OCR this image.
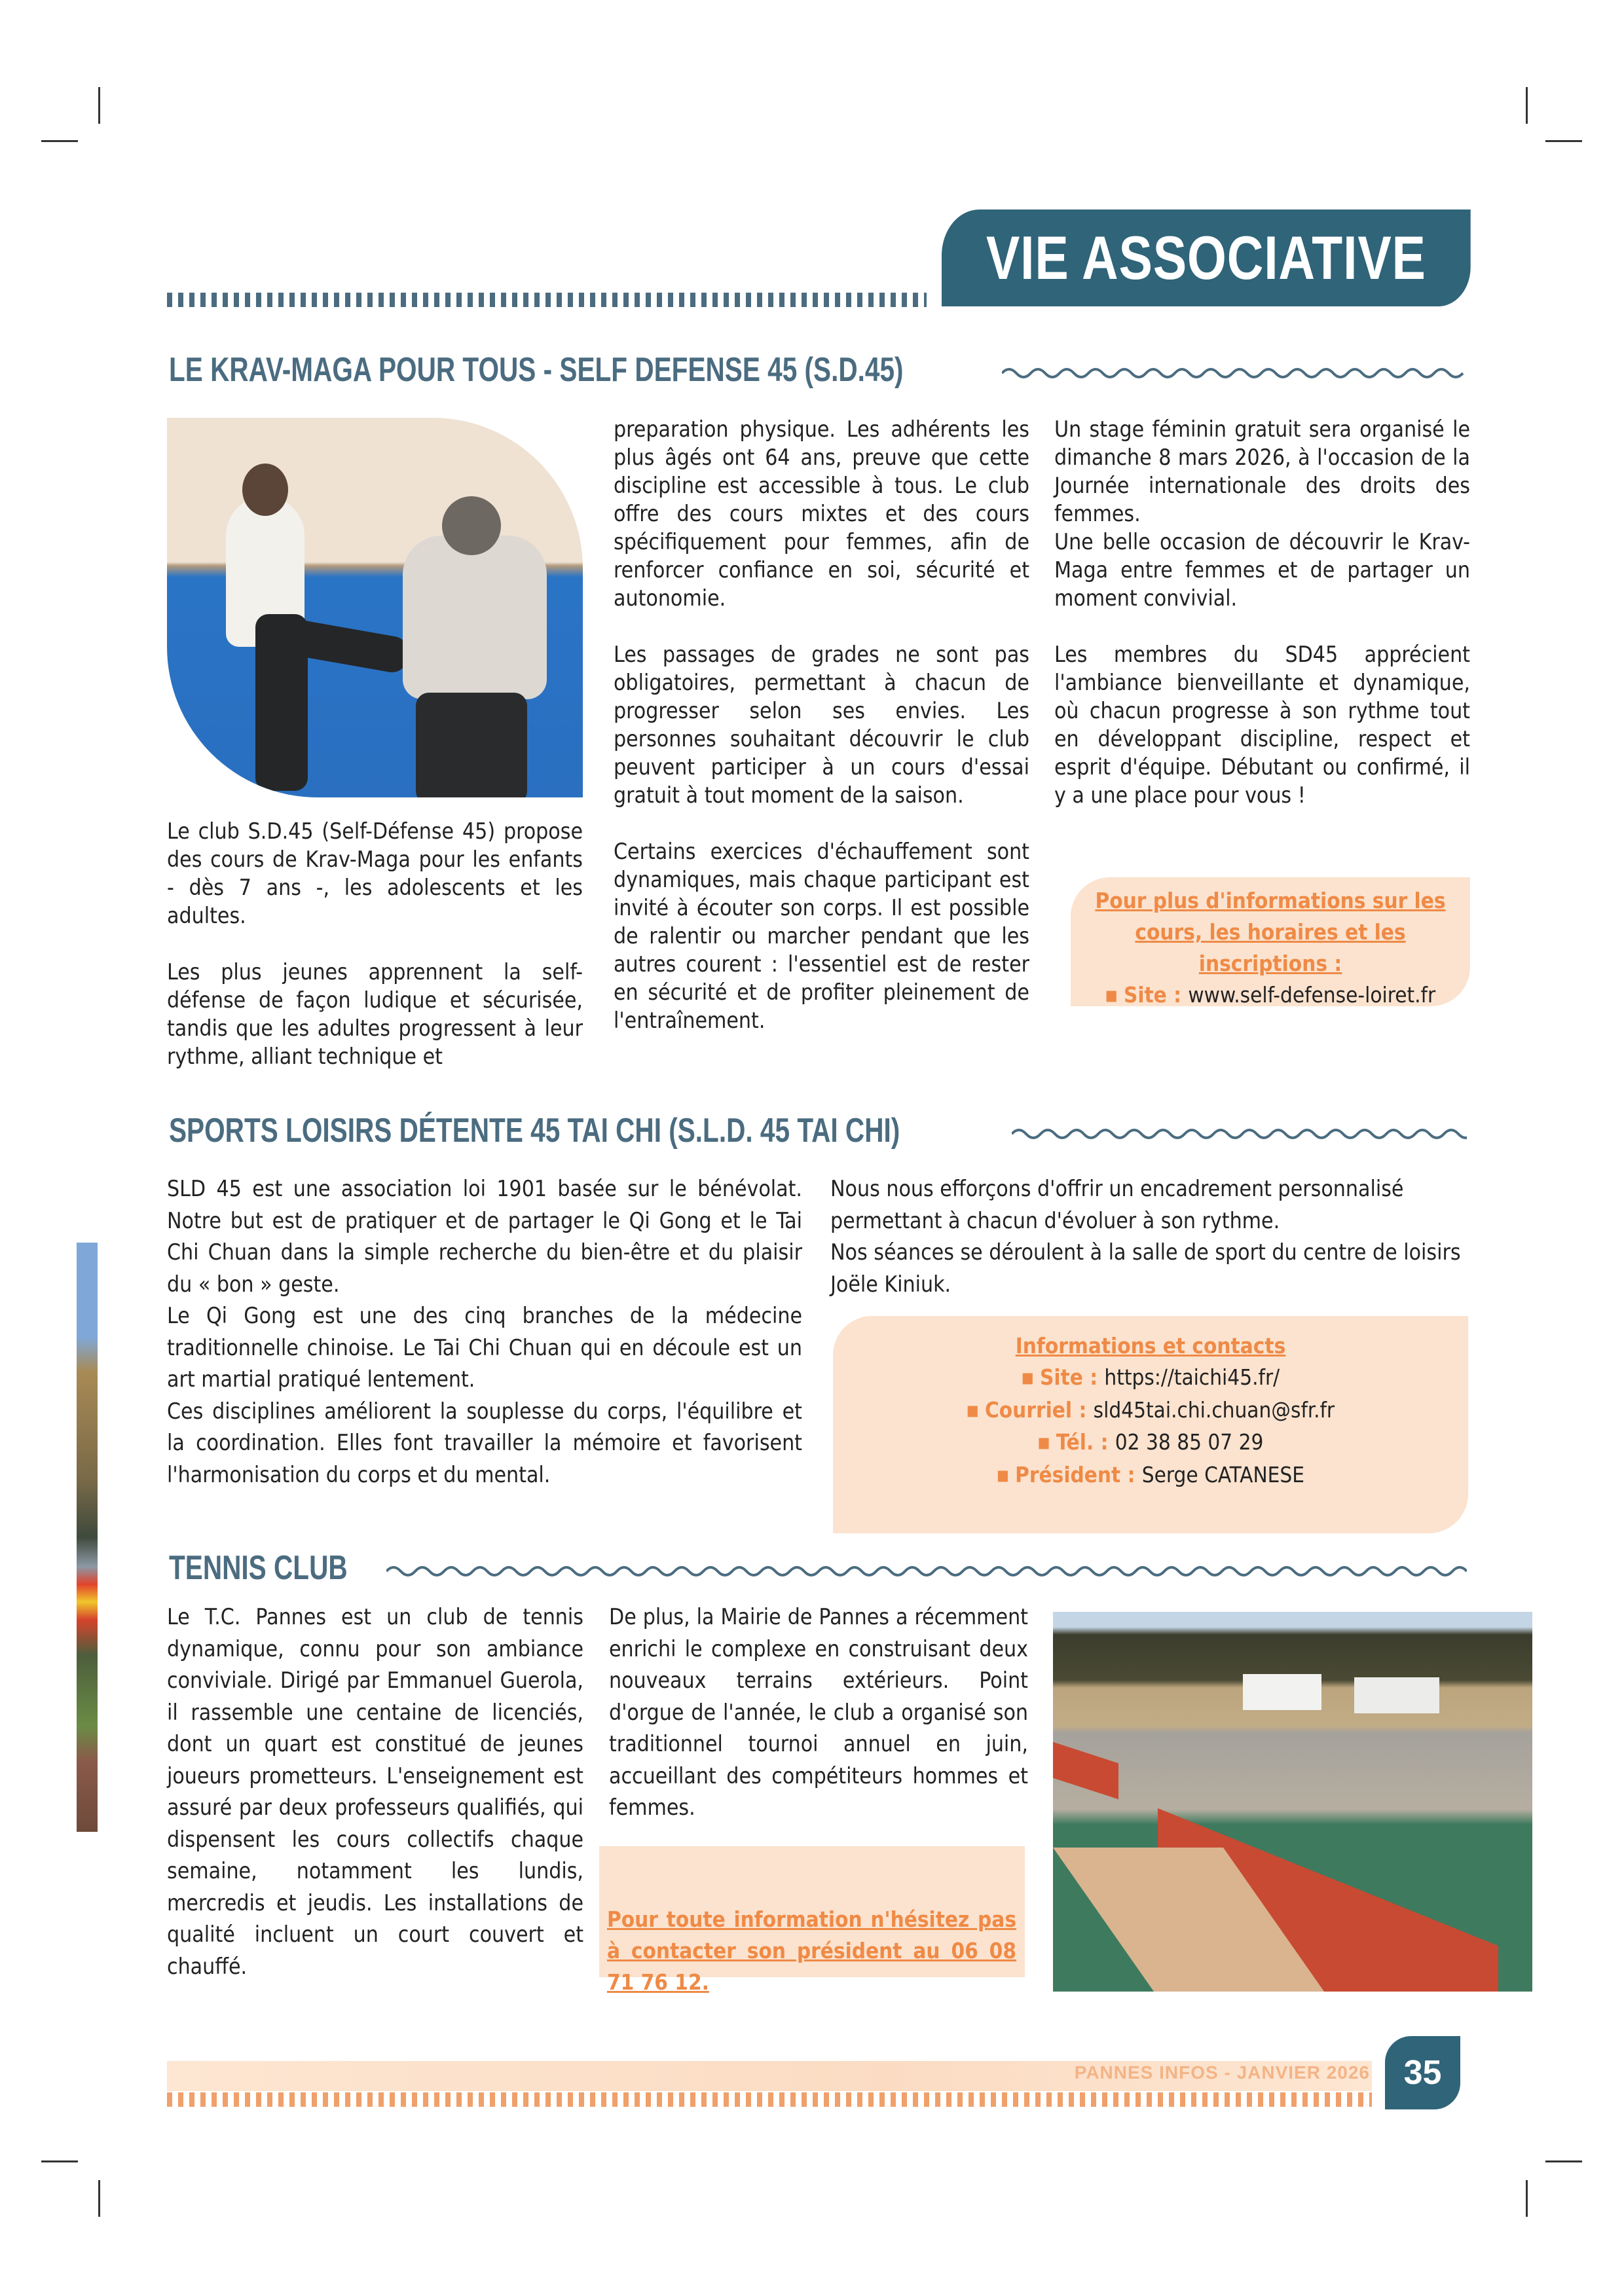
VIE ASSOCIATIVE
LE KRAV-MAGA POUR TOUS - SELF DEFENSE 45 (S.D.45)

Le club S.D.45 (Self-Défense 45) propose des cours de Krav-Maga pour les enfants - dès 7 ans -, les adolescents et les adultes.

Les plus jeunes apprennent la self-défense de façon ludique et sécurisée, tandis que les adultes progressent à leur rythme, alliant technique et

preparation physique. Les adhérents les plus âgés ont 64 ans, preuve que cette discipline est accessible à tous. Le club offre des cours mixtes et des cours spécifiquement pour femmes, afin de renforcer confiance en soi, sécurité et autonomie.

Les passages de grades ne sont pas obligatoires, permettant à chacun de progresser selon ses envies. Les personnes souhaitant découvrir le club peuvent participer à un cours d'essai gratuit à tout moment de la saison.

Certains exercices d'échauffement sont dynamiques, mais chaque participant est invité à écouter son corps. Il est possible de ralentir ou marcher pendant que les autres courent : l'essentiel est de rester en sécurité et de profiter pleinement de l'entraînement.

Un stage féminin gratuit sera organisé le dimanche 8 mars 2026, à l'occasion de la Journée internationale des droits des femmes.

Une belle occasion de découvrir le Krav-Maga entre femmes et de partager un moment convivial.

Les membres du SD45 apprécient l'ambiance bienveillante et dynamique, où chacun progresse à son rythme tout en développant discipline, respect et esprit d'équipe. Débutant ou confirmé, il y a une place pour vous !

Pour plus d'informations sur les cours, les horaires et les inscriptions :
■ Site : www.self-defense-loiret.fr
SPORTS LOISIRS DÉTENTE 45 TAI CHI (S.L.D. 45 TAI CHI)

SLD 45 est une association loi 1901 basée sur le bénévolat. Notre but est de pratiquer et de partager le Qi Gong et le Tai Chi Chuan dans la simple recherche du bien-être et du plaisir du « bon » geste.

Le Qi Gong est une des cinq branches de la médecine traditionnelle chinoise. Le Tai Chi Chuan qui en découle est un art martial pratiqué lentement.

Ces disciplines améliorent la souplesse du corps, l'équilibre et la coordination. Elles font travailler la mémoire et favorisent l'harmonisation du corps et du mental.

Nous nous efforçons d'offrir un encadrement personnalisé permettant à chacun d'évoluer à son rythme.

Nos séances se déroulent à la salle de sport du centre de loisirs Joële Kiniuk.

Informations et contacts
■ Site : https://taichi45.fr/
■ Courriel : sld45tai.chi.chuan@sfr.fr
■ Tél. : 02 38 85 07 29
■ Président : Serge CATANESE
TENNIS CLUB

Le T.C. Pannes est un club de tennis dynamique, connu pour son ambiance conviviale. Dirigé par Emmanuel Guerola, il rassemble une centaine de licenciés, dont un quart est constitué de jeunes joueurs prometteurs. L'enseignement est assuré par deux professeurs qualifiés, qui dispensent les cours collectifs chaque semaine, notamment les lundis, mercredis et jeudis. Les installations de qualité incluent un court couvert et chauffé.

De plus, la Mairie de Pannes a récemment enrichi le complexe en construisant deux nouveaux terrains extérieurs. Point d'orgue de l'année, le club a organisé son traditionnel tournoi annuel en juin, accueillant des compétiteurs hommes et femmes.

Pour toute information n'hésitez pas à contacter son président au 06 08 71 76 12.
PANNES INFOS - JANVIER 2026 35
